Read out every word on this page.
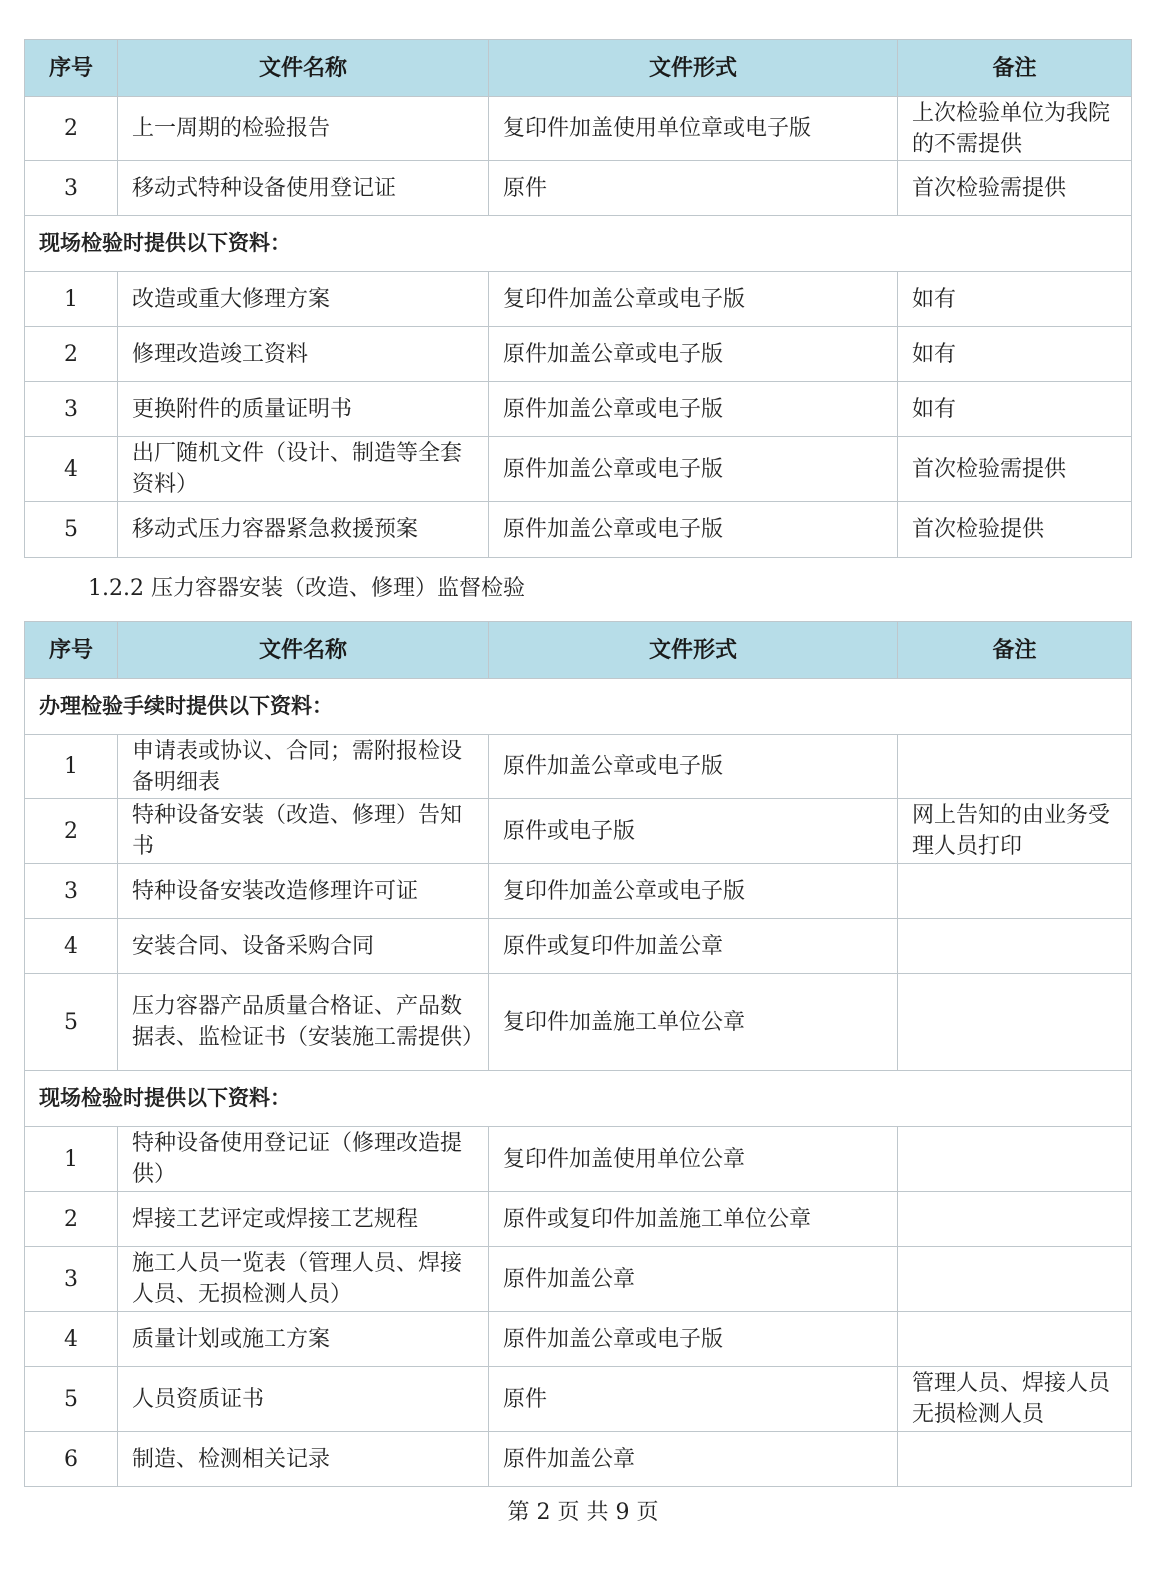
序号	文件名称	文件形式	备注
2	上一周期的检验报告	复印件加盖使用单位章或电子版	上次检验单位为我院的不需提供
3	移动式特种设备使用登记证	原件	首次检验需提供
现场检验时提供以下资料：			
1	改造或重大修理方案	复印件加盖公章或电子版	如有
2	修理改造竣工资料	原件加盖公章或电子版	如有
3	更换附件的质量证明书	原件加盖公章或电子版	如有
4	出厂随机文件（设计、制造等全套资料）	原件加盖公章或电子版	首次检验需提供
5	移动式压力容器紧急救援预案	原件加盖公章或电子版	首次检验提供
1.2.2 压力容器安装（改造、修理）监督检验
序号	文件名称	文件形式	备注
办理检验手续时提供以下资料：			
1	申请表或协议、合同；需附报检设备明细表	原件加盖公章或电子版	
2	特种设备安装（改造、修理）告知书	原件或电子版	网上告知的由业务受理人员打印
3	特种设备安装改造修理许可证	复印件加盖公章或电子版	
4	安装合同、设备采购合同	原件或复印件加盖公章	
5	压力容器产品质量合格证、产品数据表、监检证书（安装施工需提供）	复印件加盖施工单位公章	
现场检验时提供以下资料：			
1	特种设备使用登记证（修理改造提供）	复印件加盖使用单位公章	
2	焊接工艺评定或焊接工艺规程	原件或复印件加盖施工单位公章	
3	施工人员一览表（管理人员、焊接人员、无损检测人员）	原件加盖公章	
4	质量计划或施工方案	原件加盖公章或电子版	
5	人员资质证书	原件	管理人员、焊接人员无损检测人员
6	制造、检测相关记录	原件加盖公章	
第 2 页 共 9 页
